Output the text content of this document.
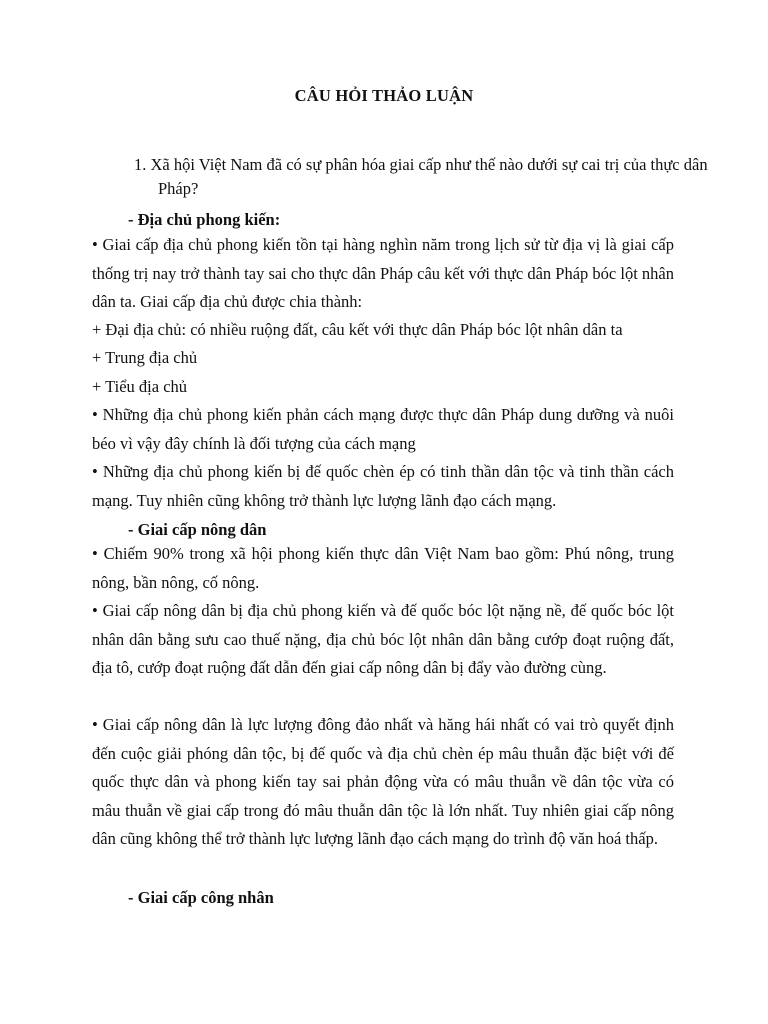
CÂU HỎI THẢO LUẬN
1. Xã hội Việt Nam đã có sự phân hóa giai cấp như thế nào dưới sự cai trị của thực dân Pháp?
- Địa chủ phong kiến:
• Giai cấp địa chủ phong kiến tồn tại hàng nghìn năm trong lịch sử từ địa vị là giai cấp thống trị nay trở thành tay sai cho thực dân Pháp câu kết với thực dân Pháp bóc lột nhân dân ta. Giai cấp địa chủ được chia thành:
+ Đại địa chủ: có nhiều ruộng đất, câu kết với thực dân Pháp bóc lột nhân dân ta
+ Trung địa chủ
+ Tiểu địa chủ
• Những địa chủ phong kiến phản cách mạng được thực dân Pháp dung dưỡng và nuôi béo vì vậy đây chính là đối tượng của cách mạng
• Những địa chủ phong kiến bị đế quốc chèn ép có tinh thần dân tộc và tinh thần cách mạng. Tuy nhiên cũng không trở thành lực lượng lãnh đạo cách mạng.
- Giai cấp nông dân
• Chiếm 90% trong xã hội phong kiến thực dân Việt Nam bao gồm: Phú nông, trung nông, bần nông, cố nông.
• Giai cấp nông dân bị địa chủ phong kiến và đế quốc bóc lột nặng nề, đế quốc bóc lột nhân dân bằng sưu cao thuế nặng, địa chủ bóc lột nhân dân bằng cướp đoạt ruộng đất, địa tô, cướp đoạt ruộng đất dẫn đến giai cấp nông dân bị đẩy vào đường cùng.
• Giai cấp nông dân là lực lượng đông đảo nhất và hăng hái nhất có vai trò quyết định đến cuộc giải phóng dân tộc, bị đế quốc và địa chủ chèn ép mâu thuẫn đặc biệt với đế quốc thực dân và phong kiến tay sai phản động vừa có mâu thuẫn về dân tộc vừa có mâu thuẫn về giai cấp trong đó mâu thuẫn dân tộc là lớn nhất. Tuy nhiên giai cấp nông dân cũng không thể trở thành lực lượng lãnh đạo cách mạng do trình độ văn hoá thấp.
- Giai cấp công nhân
